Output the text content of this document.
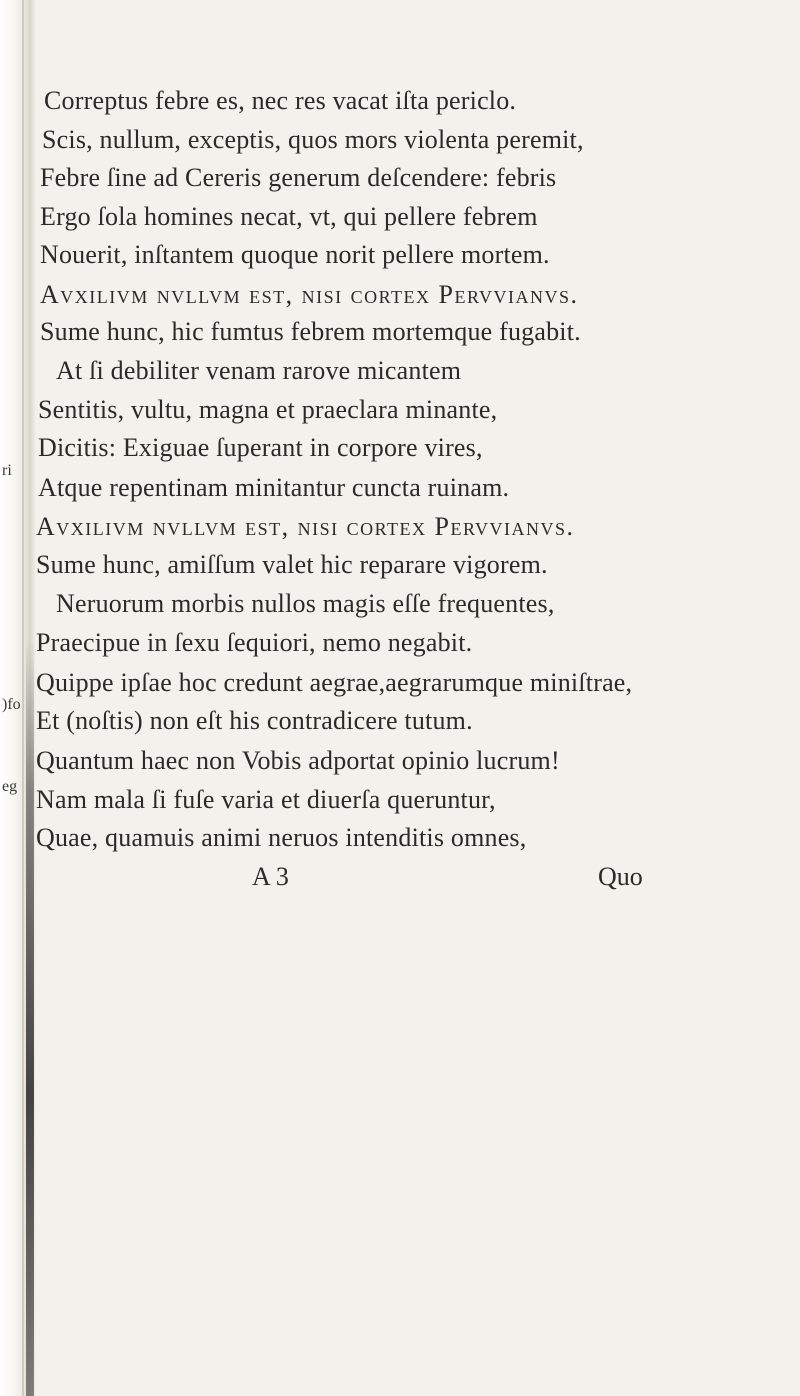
Correptus febre es, nec res vacat iſta periclo.
Scis, nullum, exceptis, quos mors violenta peremit,
Febre ſine ad Cereris generum deſcendere: febris
Ergo ſola homines necat, vt, qui pellere febrem
Nouerit, inſtantem quoque norit pellere mortem.
Avxilivm nvllvm est, nisi cortex Pervvianvs.
Sume hunc, hic fumtus febrem mortemque fugabit.
At ſi debiliter venam rarove micantem
Sentitis, vultu, magna et praeclara minante,
Dicitis: Exiguae ſuperant in corpore vires,
Atque repentinam minitantur cuncta ruinam.
Avxilivm nvllvm est, nisi cortex Pervvianvs.
Sume hunc, amiſſum valet hic reparare vigorem.
Neruorum morbis nullos magis eſſe frequentes,
Praecipue in ſexu ſequiori, nemo negabit.
Quippe ipſae hoc credunt aegrae,aegrarumque miniſtrae,
Et (noſtis) non eſt his contradicere tutum.
Quantum haec non Vobis adportat opinio lucrum!
Nam mala ſi fuſe varia et diuerſa queruntur,
Quae, quamuis animi neruos intenditis omnes,
ri
)fo
eg
A 3	Quo
